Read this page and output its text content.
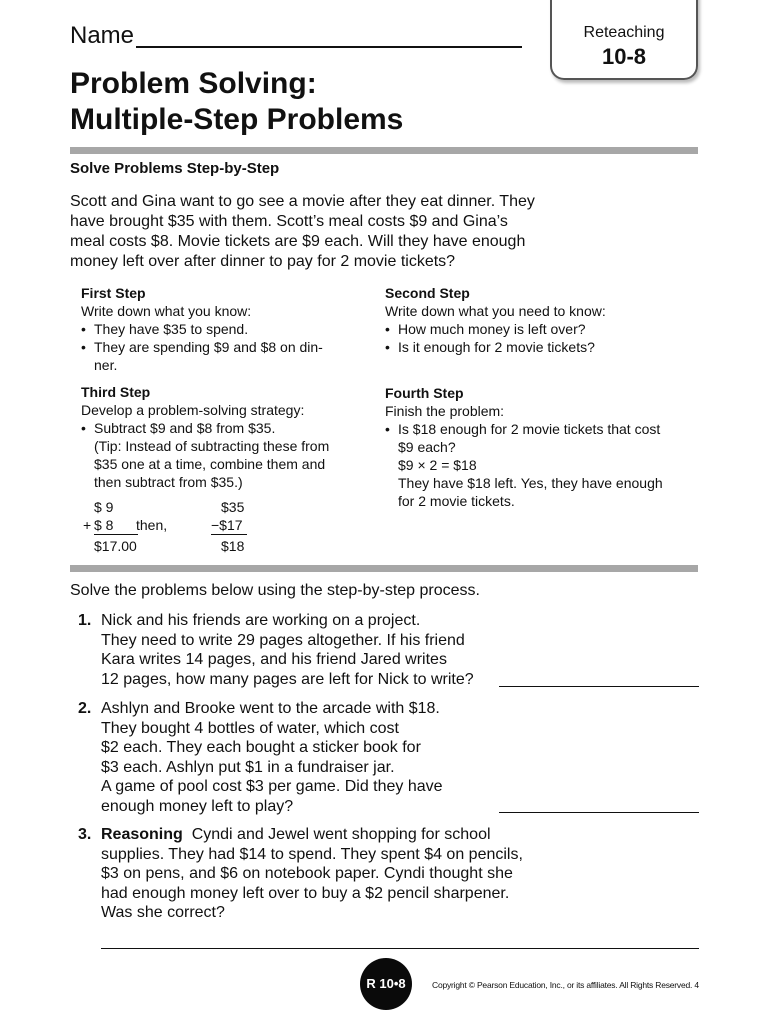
Name	Reteaching
10-8
Problem Solving:
Multiple-Step Problems
Solve Problems Step-by-Step
Scott and Gina want to go see a movie after they eat dinner. They
have brought $35 with them. Scott’s meal costs $9 and Gina’s
meal costs $8. Movie tickets are $9 each. Will they have enough
money left over after dinner to pay for 2 movie tickets?
First Step
Write down what you know:
• They have $35 to spend.
• They are spending $9 and $8 on din-
ner.
Second Step
Write down what you need to know:
• How much money is left over?
• Is it enough for 2 movie tickets?
Third Step
Develop a problem-solving strategy:
• Subtract $9 and $8 from $35.
(Tip: Instead of subtracting these from
$35 one at a time, combine them and
then subtract from $35.)
$ 9
+ $ 8	then,
$17.00
$35
−$17
$18
Fourth Step
Finish the problem:
• Is $18 enough for 2 movie tickets that cost
$9 each?
$9 × 2 = $18
They have $18 left. Yes, they have enough
for 2 movie tickets.
Solve the problems below using the step-by-step process.
1. Nick and his friends are working on a project.
They need to write 29 pages altogether. If his friend
Kara writes 14 pages, and his friend Jared writes
12 pages, how many pages are left for Nick to write?
2. Ashlyn and Brooke went to the arcade with $18.
They bought 4 bottles of water, which cost
$2 each. They each bought a sticker book for
$3 each. Ashlyn put $1 in a fundraiser jar.
A game of pool cost $3 per game. Did they have
enough money left to play?
3. Reasoning Cyndi and Jewel went shopping for school
supplies. They had $14 to spend. They spent $4 on pencils,
$3 on pens, and $6 on notebook paper. Cyndi thought she
had enough money left over to buy a $2 pencil sharpener.
Was she correct?
R 10•8	Copyright © Pearson Education, Inc., or its affiliates. All Rights Reserved. 4
